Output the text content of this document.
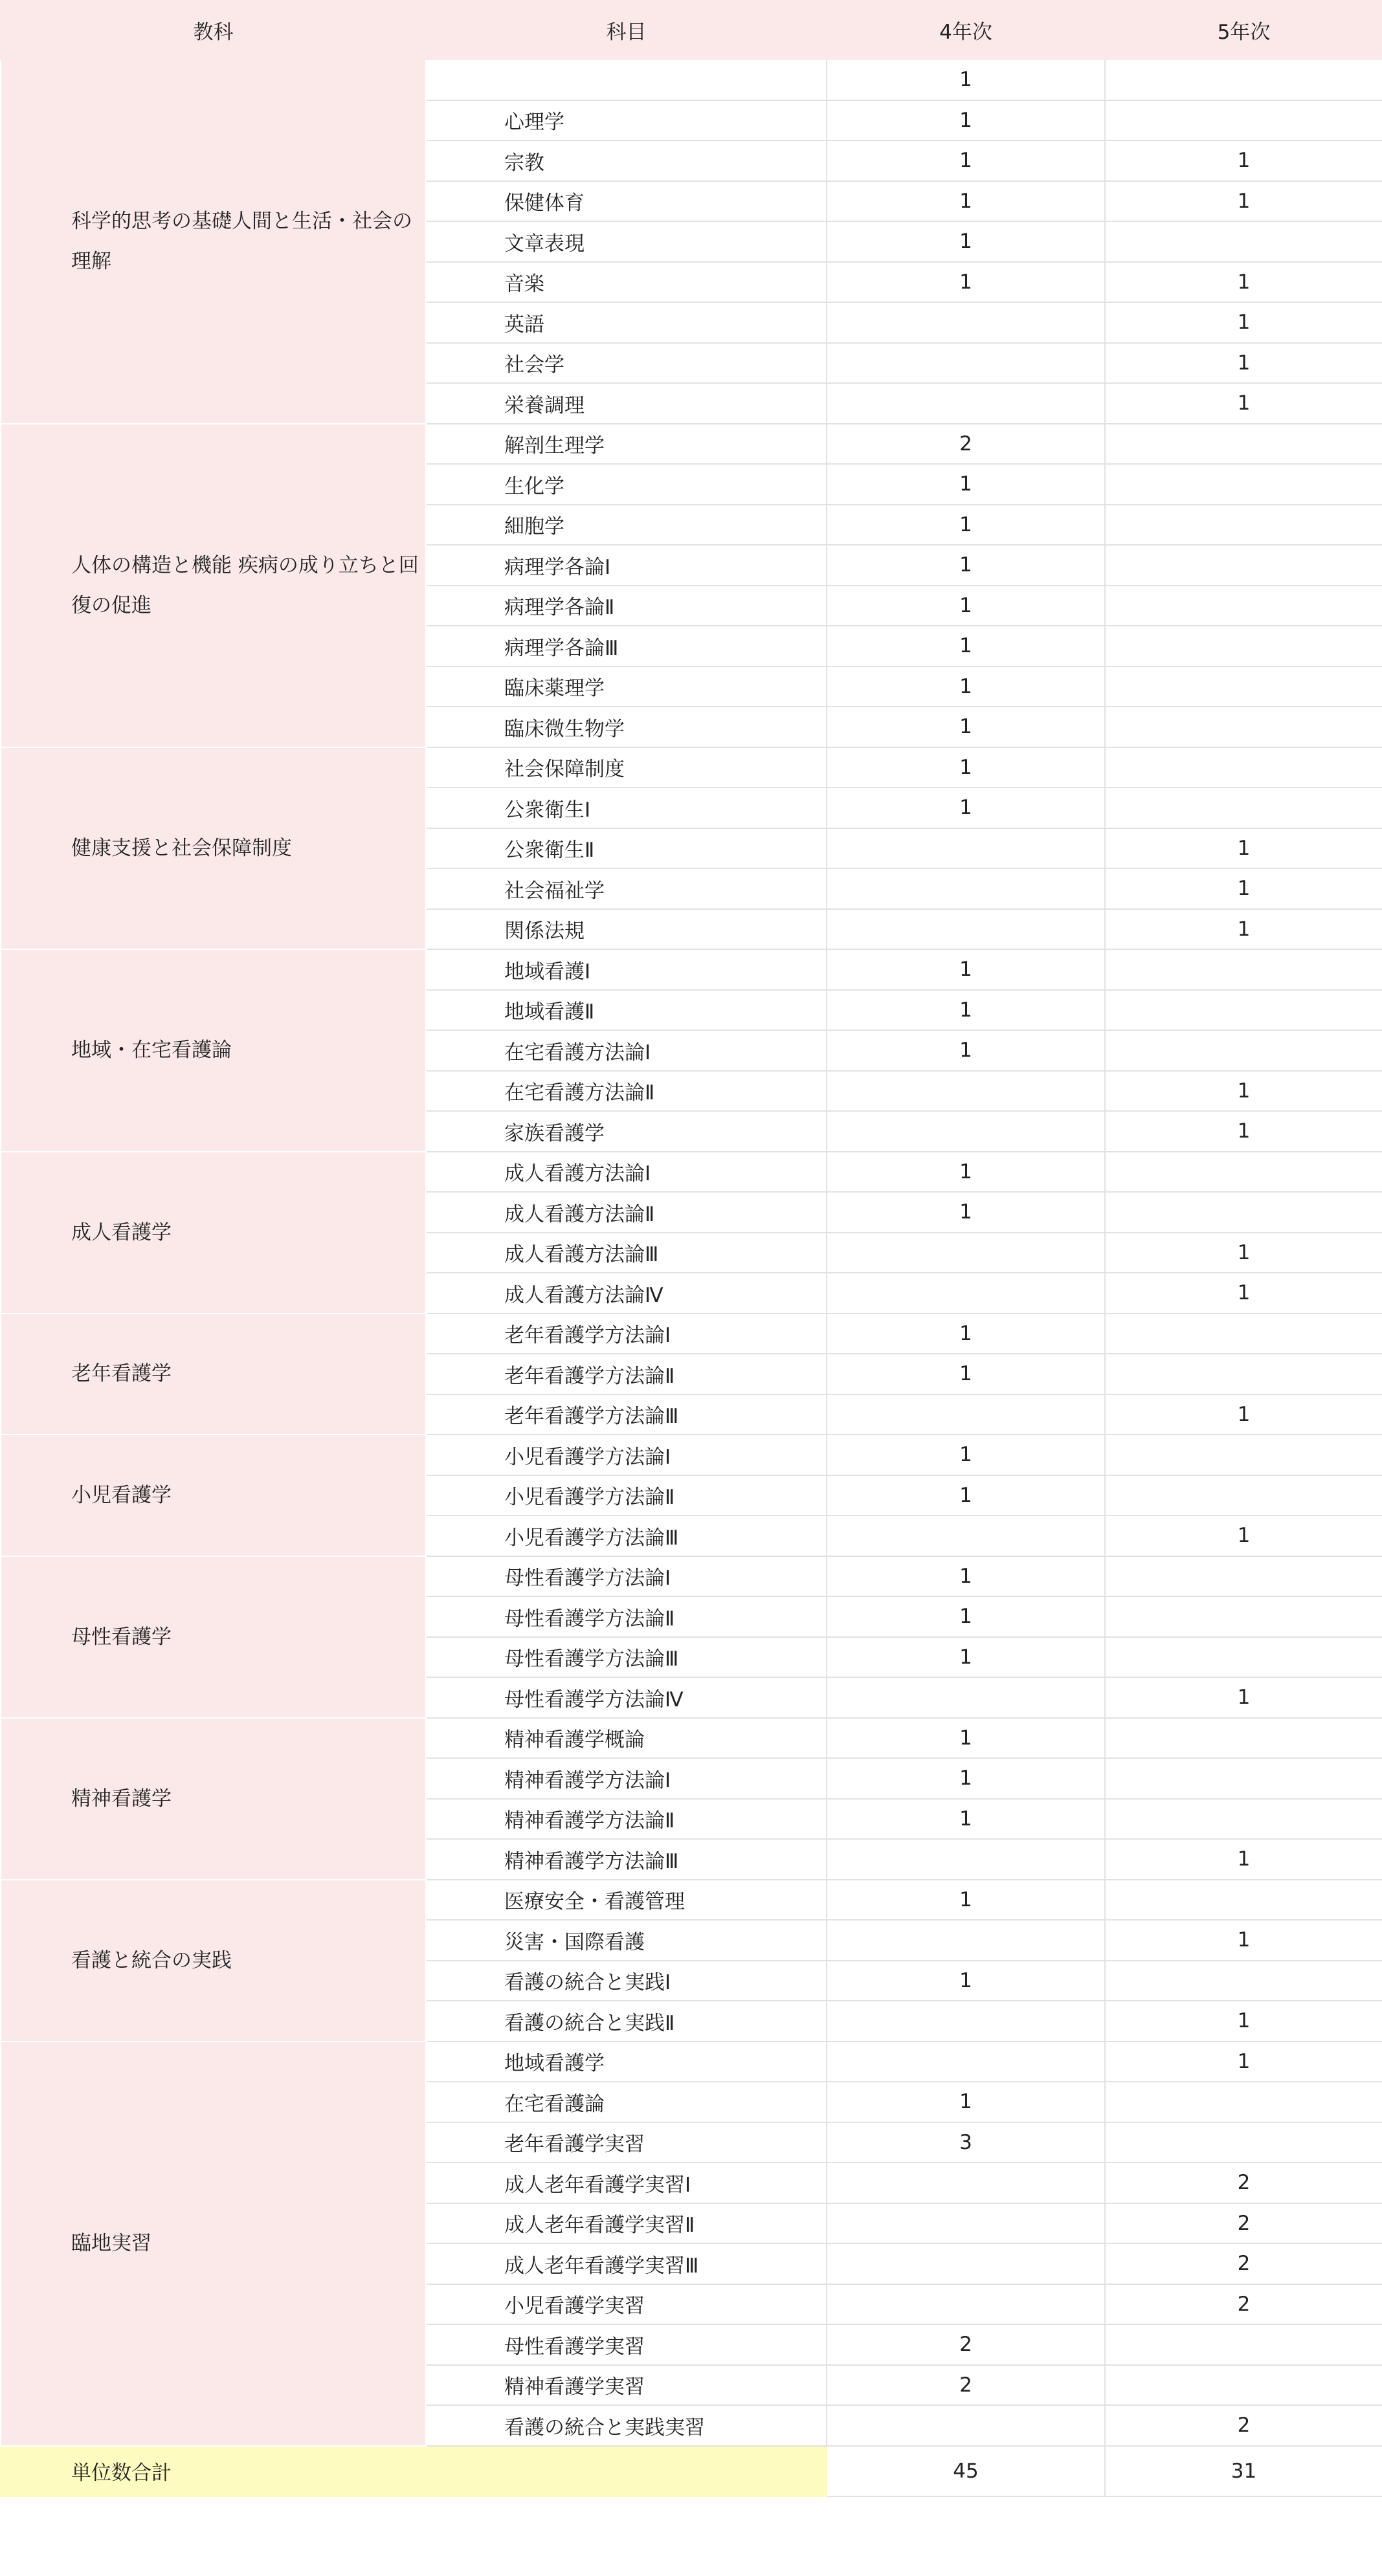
教科	科目	4年次	5年次
科学的思考の基礎人間と生活・社会の理解		1	
	心理学	1	
	宗教	1	1
	保健体育	1	1
	文章表現	1	
	音楽	1	1
	英語		1
	社会学		1
	栄養調理		1
人体の構造と機能 疾病の成り立ちと回復の促進	解剖生理学	2	
	生化学	1	
	細胞学	1	
	病理学各論Ⅰ	1	
	病理学各論Ⅱ	1	
	病理学各論Ⅲ	1	
	臨床薬理学	1	
	臨床微生物学	1	
健康支援と社会保障制度	社会保障制度	1	
	公衆衛生Ⅰ	1	
	公衆衛生Ⅱ		1
	社会福祉学		1
	関係法規		1
地域・在宅看護論	地域看護Ⅰ	1	
	地域看護Ⅱ	1	
	在宅看護方法論Ⅰ	1	
	在宅看護方法論Ⅱ		1
	家族看護学		1
成人看護学	成人看護方法論Ⅰ	1	
	成人看護方法論Ⅱ	1	
	成人看護方法論Ⅲ		1
	成人看護方法論Ⅳ		1
老年看護学	老年看護学方法論Ⅰ	1	
	老年看護学方法論Ⅱ	1	
	老年看護学方法論Ⅲ		1
小児看護学	小児看護学方法論Ⅰ	1	
	小児看護学方法論Ⅱ	1	
	小児看護学方法論Ⅲ		1
母性看護学	母性看護学方法論Ⅰ	1	
	母性看護学方法論Ⅱ	1	
	母性看護学方法論Ⅲ	1	
	母性看護学方法論Ⅳ		1
精神看護学	精神看護学概論	1	
	精神看護学方法論Ⅰ	1	
	精神看護学方法論Ⅱ	1	
	精神看護学方法論Ⅲ		1
看護と統合の実践	医療安全・看護管理	1	
	災害・国際看護		1
	看護の統合と実践Ⅰ	1	
	看護の統合と実践Ⅱ		1
臨地実習	地域看護学		1
	在宅看護論	1	
	老年看護学実習	3	
	成人老年看護学実習Ⅰ		2
	成人老年看護学実習Ⅱ		2
	成人老年看護学実習Ⅲ		2
	小児看護学実習		2
	母性看護学実習	2	
	精神看護学実習	2	
	看護の統合と実践実習		2
単位数合計		45	31
